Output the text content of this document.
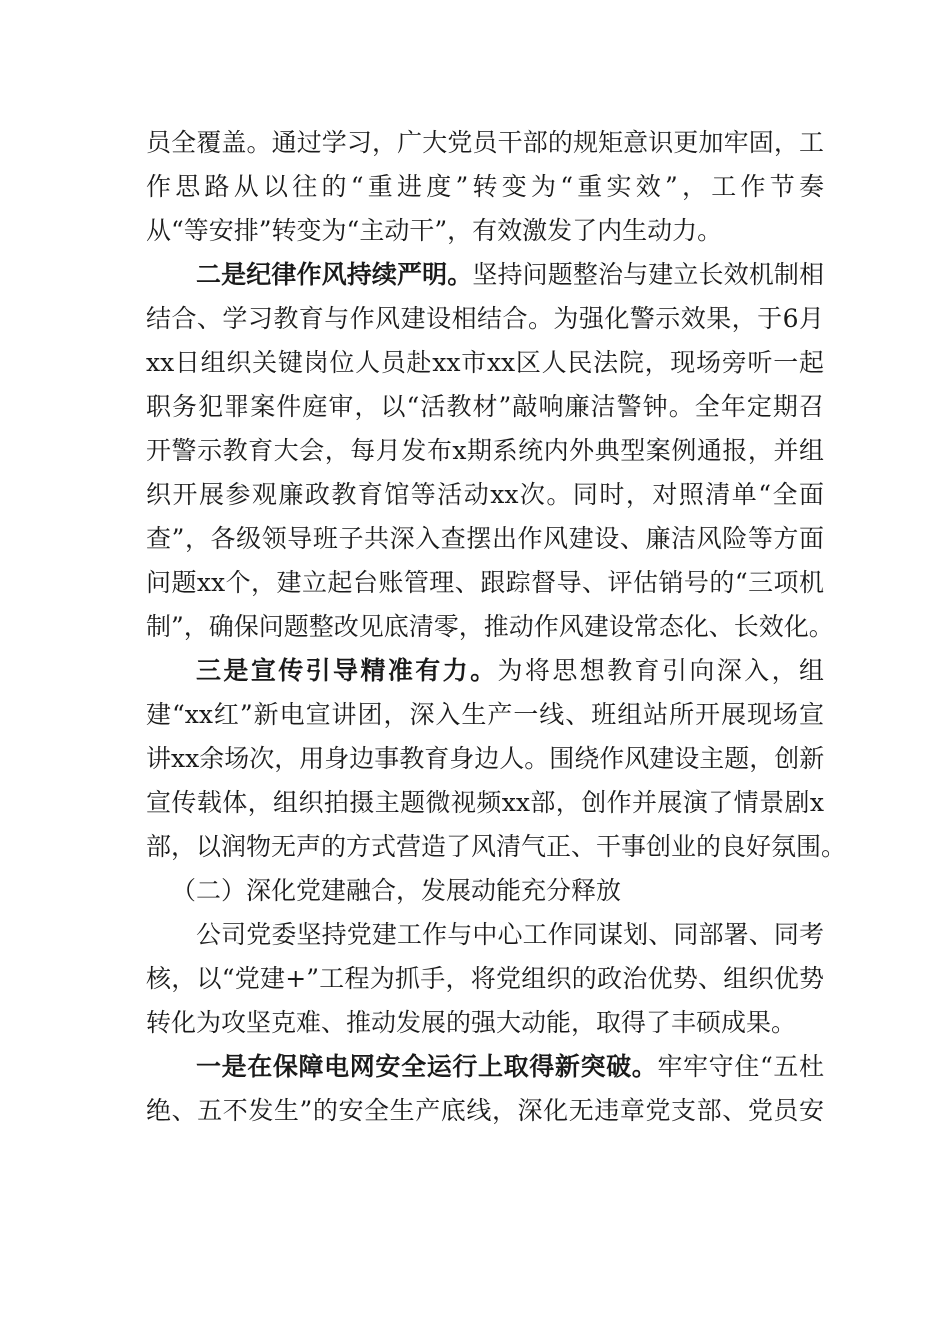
员全覆盖。通过学习，广大党员干部的规矩意识更加牢固，工
作思路从以往的“重进度”转变为“重实效”，工作节奏
从“等安排”转变为“主动干”，有效激发了内生动力。
二是纪律作风持续严明。坚持问题整治与建立长效机制相
结合、学习教育与作风建设相结合。为强化警示效果，于6月
xx日组织关键岗位人员赴xx市xx区人民法院，现场旁听一起
职务犯罪案件庭审，以“活教材”敲响廉洁警钟。全年定期召
开警示教育大会，每月发布x期系统内外典型案例通报，并组
织开展参观廉政教育馆等活动xx次。同时，对照清单“全面
查”，各级领导班子共深入查摆出作风建设、廉洁风险等方面
问题xx个，建立起台账管理、跟踪督导、评估销号的“三项机
制”，确保问题整改见底清零，推动作风建设常态化、长效化。
三是宣传引导精准有力。为将思想教育引向深入，组
建“xx红”新电宣讲团，深入生产一线、班组站所开展现场宣
讲xx余场次，用身边事教育身边人。围绕作风建设主题，创新
宣传载体，组织拍摄主题微视频xx部，创作并展演了情景剧x
部，以润物无声的方式营造了风清气正、干事创业的良好氛围。
（二）深化党建融合，发展动能充分释放
公司党委坚持党建工作与中心工作同谋划、同部署、同考
核，以“党建+”工程为抓手，将党组织的政治优势、组织优势
转化为攻坚克难、推动发展的强大动能，取得了丰硕成果。
一是在保障电网安全运行上取得新突破。牢牢守住“五杜
绝、五不发生”的安全生产底线，深化无违章党支部、党员安
